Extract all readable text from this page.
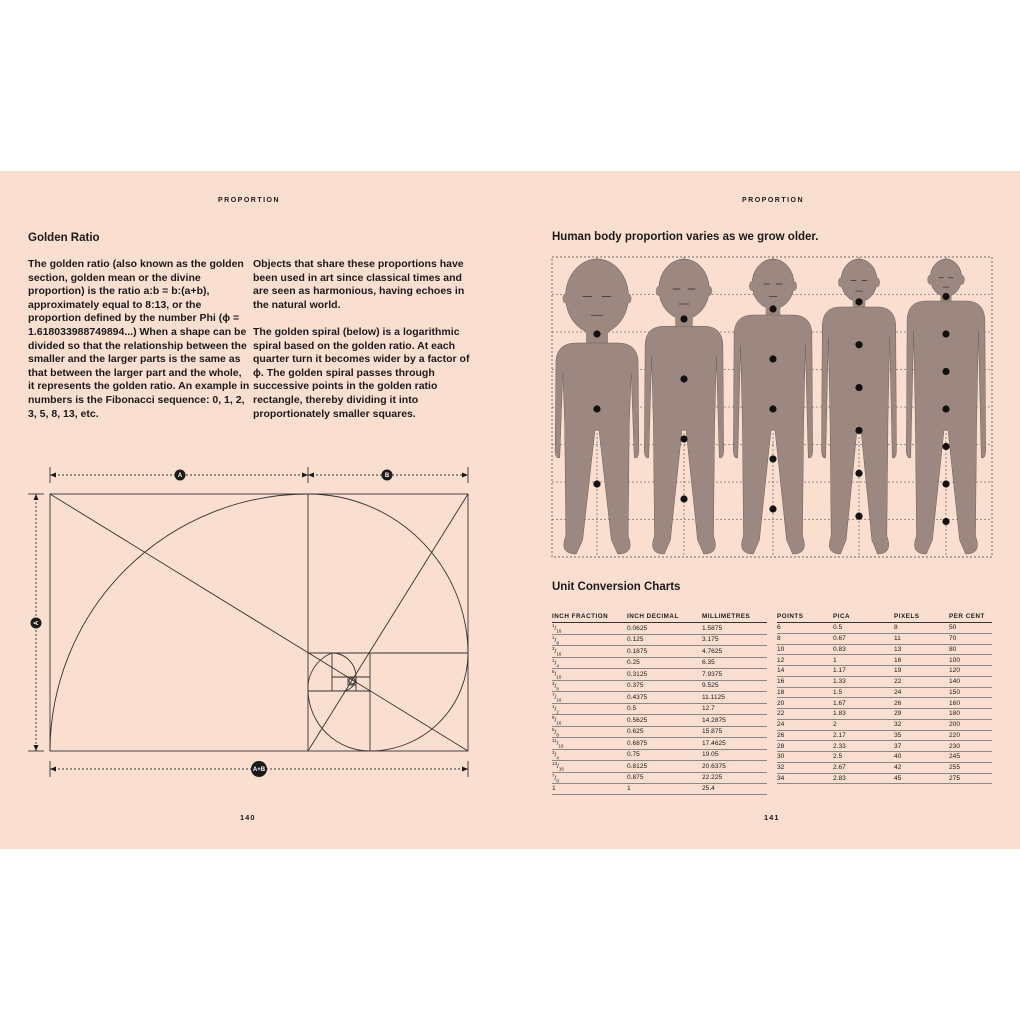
PROPORTION
Golden Ratio

The golden ratio (also known as the golden section, golden mean or the divine proportion) is the ratio a:b = b:(a+b), approximately equal to 8:13, or the proportion defined by the number Phi (ϕ = 1.618033988749894...) When a shape can be divided so that the relationship between the smaller and the larger parts is the same as that between the larger part and the whole, it represents the golden ratio. An example in numbers is the Fibonacci sequence: 0, 1, 2, 3, 5, 8, 13, etc.

Objects that share these proportions have been used in art since classical times and are seen as harmonious, having echoes in the natural world.

The golden spiral (below) is a logarithmic spiral based on the golden ratio. At each quarter turn it becomes wider by a factor of ϕ. The golden spiral passes through successive points in the golden ratio rectangle, thereby dividing it into proportionately smaller squares.

A	B
A
A+B
140
PROPORTION
Human body proportion varies as we grow older.
Unit Conversion Charts
INCH FRACTION	INCH DECIMAL	MILLIMETRES
$^1/_{16}$	0.0625	1.5875
$^1/_8$	0.125	3.175
$^3/_{16}$	0.1875	4.7625
$^1/_4$	0.25	6.35
$^5/_{16}$	0.3125	7.9375
$^3/_8$	0.375	9.525
$^7/_{16}$	0.4375	11.1125
$^1/_2$	0.5	12.7
$^9/_{16}$	0.5625	14.2875
$^5/_8$	0.625	15.875
$^{11}/_{16}$	0.6875	17.4625
$^3/_4$	0.75	19.05
$^{13}/_{16}$	0.8125	20.6375
$^7/_8$	0.875	22.225
1	1	25.4
POINTS	PICA	PIXELS	PER CENT
6	0.5	8	50
8	0.67	11	70
10	0.83	13	80
12	1	16	100
14	1.17	19	120
16	1.33	22	140
18	1.5	24	150
20	1.67	26	160
22	1.83	29	180
24	2	32	200
26	2.17	35	220
28	2.33	37	230
30	2.5	40	245
32	2.67	42	255
34	2.83	45	275
141
